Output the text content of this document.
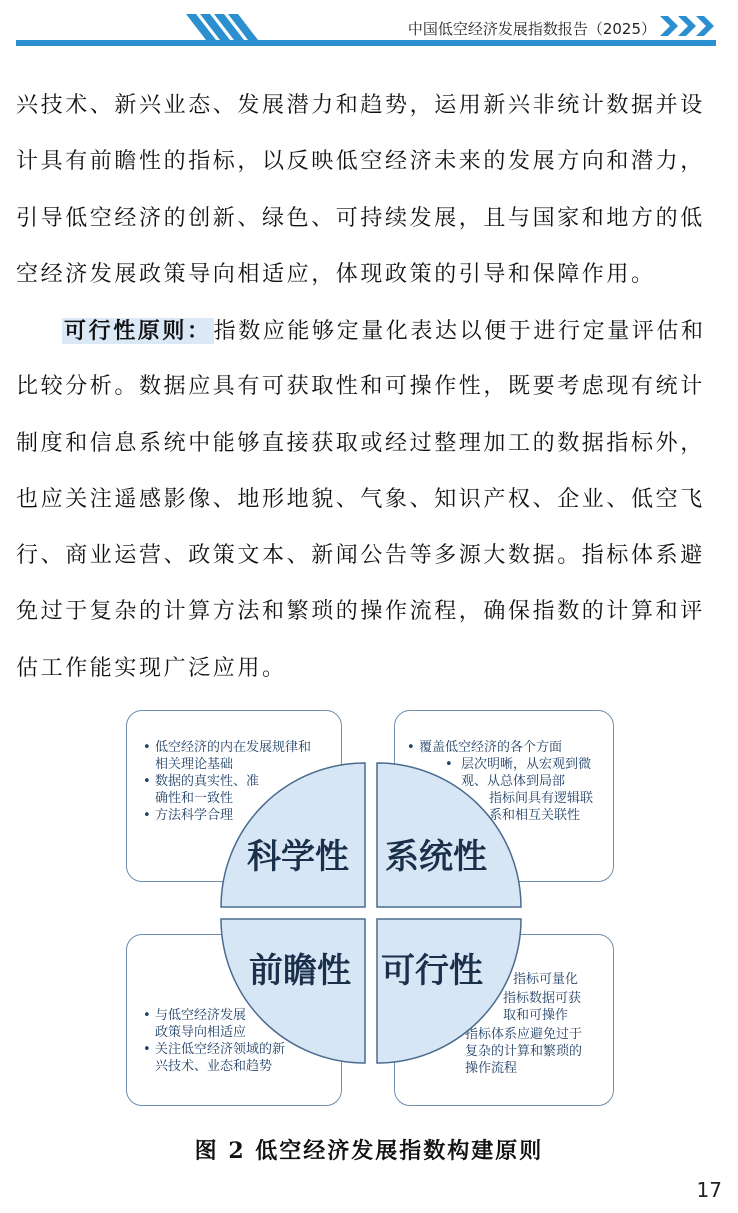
中国低空经济发展指数报告（2025）
兴技术、新兴业态、发展潜力和趋势，运用新兴非统计数据并设
计具有前瞻性的指标，以反映低空经济未来的发展方向和潜力，
引导低空经济的创新、绿色、可持续发展，且与国家和地方的低
空经济发展政策导向相适应，体现政策的引导和保障作用。
可行性原则：指数应能够定量化表达以便于进行定量评估和
比较分析。数据应具有可获取性和可操作性，既要考虑现有统计
制度和信息系统中能够直接获取或经过整理加工的数据指标外，
也应关注遥感影像、地形地貌、气象、知识产权、企业、低空飞
行、商业运营、政策文本、新闻公告等多源大数据。指标体系避
免过于复杂的计算方法和繁琐的操作流程，确保指数的计算和评
估工作能实现广泛应用。
• 低空经济的内在发展规律和
相关理论基础
• 数据的真实性、准
确性和一致性
• 方法科学合理
• 覆盖低空经济的各个方面
• 层次明晰，从宏观到微
观、从总体到局部
• 指标间具有逻辑联
系和相互关联性
• 与低空经济发展
政策导向相适应
• 关注低空经济领域的新
兴技术、业态和趋势
• 指标可量化
• 指标数据可获
取和可操作
• 指标体系应避免过于
复杂的计算和繁琐的
操作流程
科学性 系统性
前瞻性 可行性
图 2 低空经济发展指数构建原则
17
